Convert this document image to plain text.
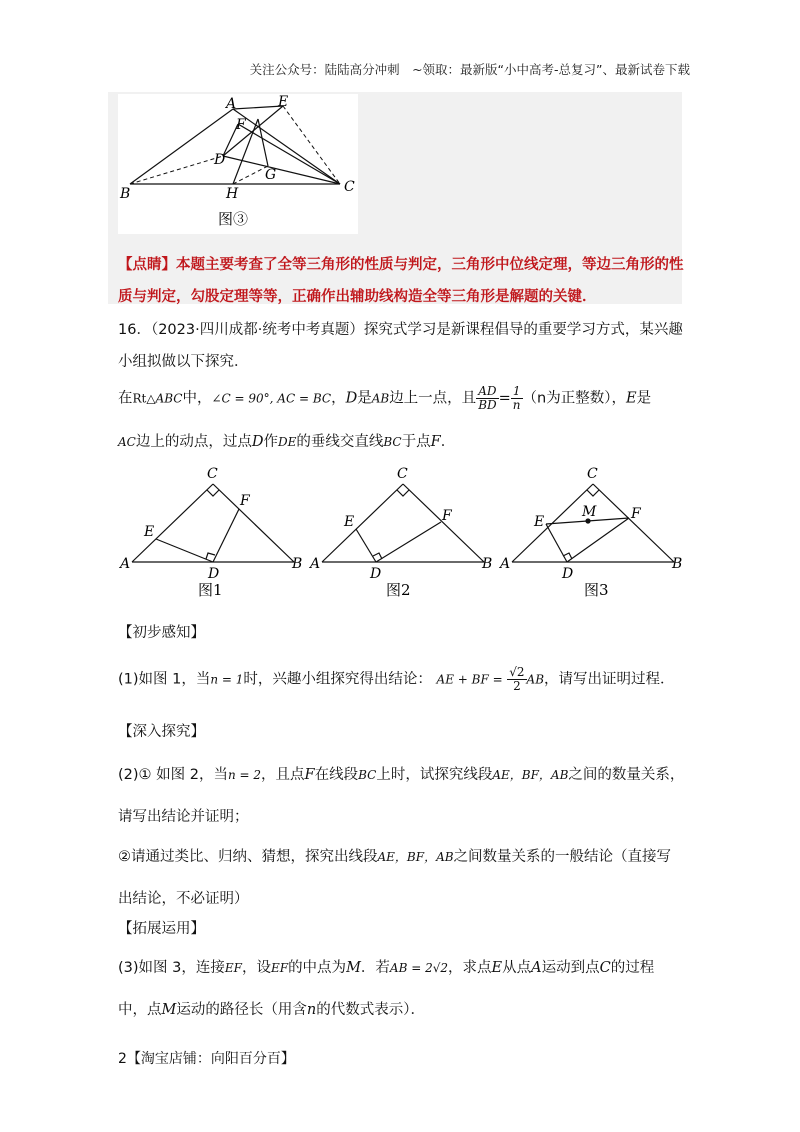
关注公众号：陆陆高分冲刺　~领取：最新版“小中高考-总复习”、最新试卷下载
A	E
F
D
G
B	H	C
图③
【点睛】本题主要考查了全等三角形的性质与判定，三角形中位线定理，等边三角形的性
质与判定，勾股定理等等，正确作出辅助线构造全等三角形是解题的关键．
16．（2023·四川成都·统考中考真题）探究式学习是新课程倡导的重要学习方式，某兴趣
小组拟做以下探究．
在Rt△ABC中，∠C = 90°, AC = BC，D是AB边上一点，且 $\frac{AD}{BD} = \frac{1}{n} (n$为正整数），E是
AC边上的动点，过点D作DE的垂线交直线BC于点F．
C
F
E
A
D
B
图1
C
F
E
A
D
B
图2
C
M F
E
A
D
B
图3
【初步感知】
(1)如图 1，当n = 1时，兴趣小组探究得出结论： AE + BF = $\frac{√2}{2}$ AB，请写出证明过程．
【深入探究】
(2)① 如图 2，当n = 2，且点F在线段BC上时，试探究线段AE，BF，AB之间的数量关系，
请写出结论并证明；
②请通过类比、归纳、猜想，探究出线段AE，BF，AB之间数量关系的一般结论（直接写
出结论，不必证明）
【拓展运用】
(3)如图 3，连接EF，设EF的中点为M．若AB = 2√2，求点E从点A运动到点C的过程
中，点M运动的路径长（用含n的代数式表示）．
2【淘宝店铺：向阳百分百】
